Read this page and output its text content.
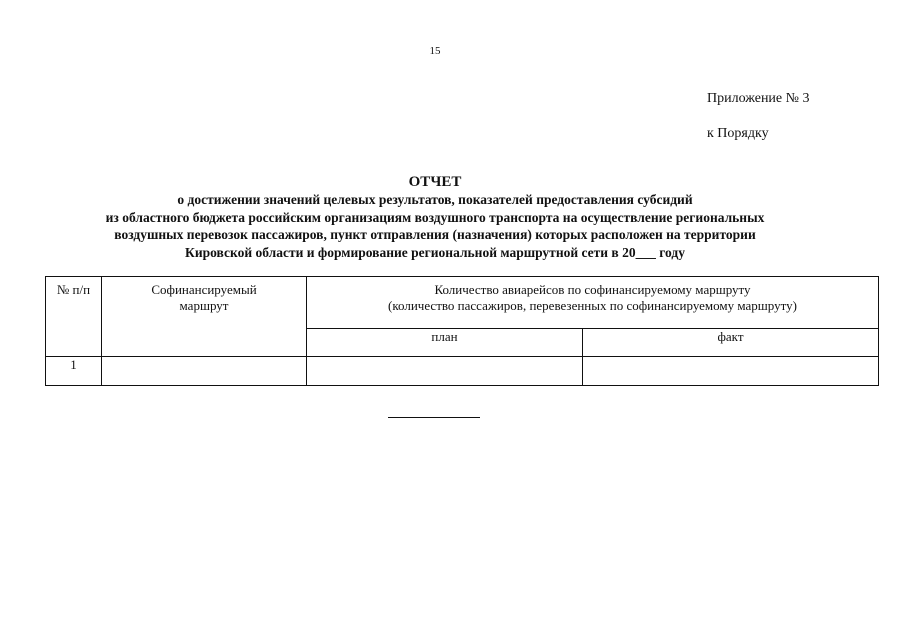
15
Приложение № 3
к Порядку
ОТЧЕТ
о достижении значений целевых результатов, показателей предоставления субсидий
из областного бюджета российским организациям воздушного транспорта на осуществление региональных
воздушных перевозок пассажиров, пункт отправления (назначения) которых расположен на территории
Кировской области и формирование региональной маршрутной сети в 20___ году
№ п/п	Софинансируемый маршрут	Количество авиарейсов по софинансируемому маршруту
(количество пассажиров, перевезенных по софинансируемому маршруту)	

		план	факт
1			
